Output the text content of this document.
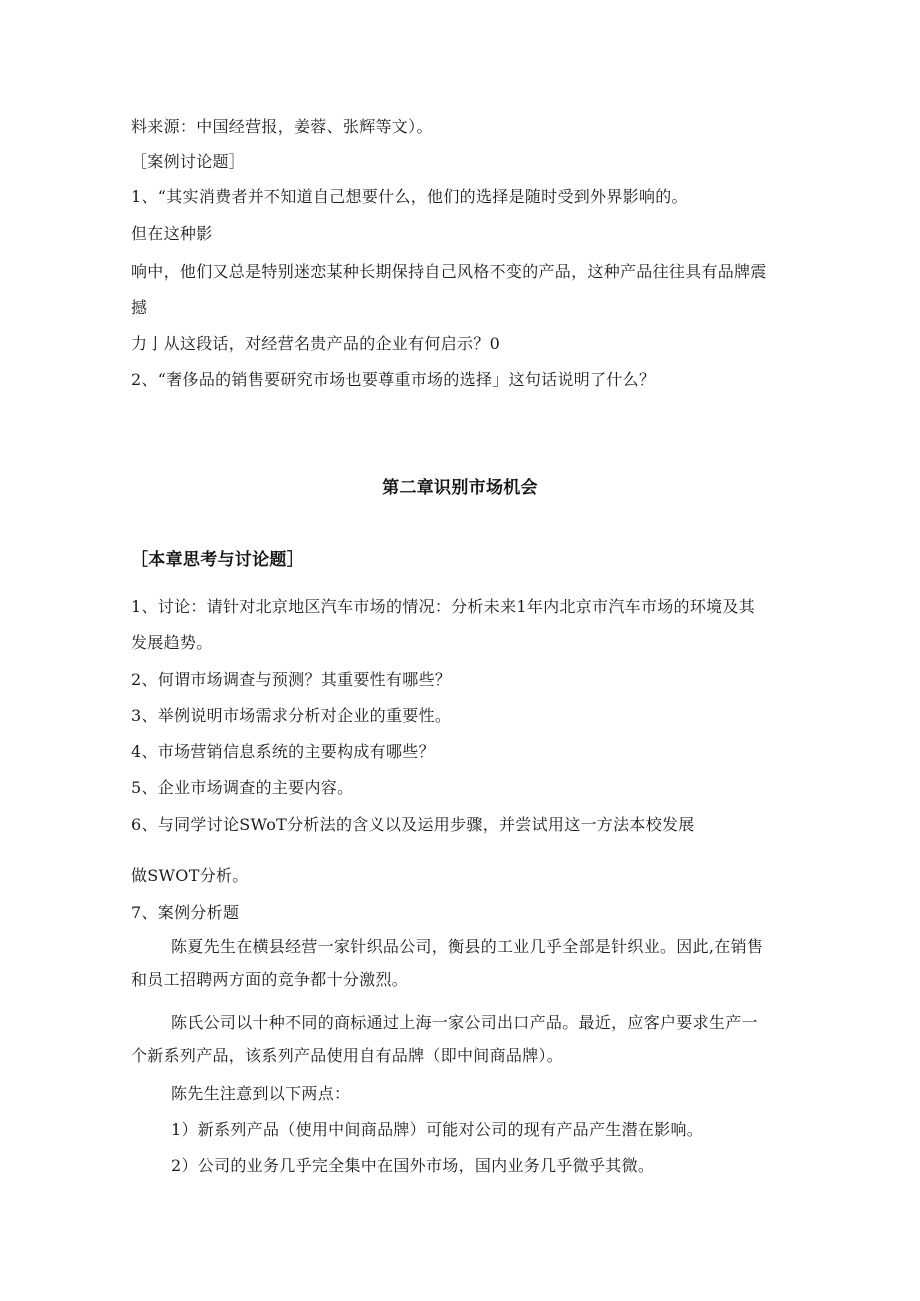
料来源：中国经营报，姜蓉、张辉等文）。
［案例讨论题］
1、“其实消费者并不知道自己想要什么，他们的选择是随时受到外界影响的。
但在这种影
响中，他们又总是特别迷恋某种长期保持自己风格不变的产品，这种产品往往具有品牌震
撼
力亅从这段话，对经营名贵产品的企业有何启示？0
2、“奢侈品的销售要研究市场也要尊重市场的选择」这句话说明了什么？
第二章识别市场机会
［本章思考与讨论题］
1、讨论：请针对北京地区汽车市场的情况：分析未来1年内北京市汽车市场的环境及其
发展趋势。
2、何谓市场调查与预测？其重要性有哪些？
3、举例说明市场需求分析对企业的重要性。
4、市场营销信息系统的主要构成有哪些？
5、企业市场调查的主要内容。
6、与同学讨论SWoT分析法的含义以及运用步骤，并尝试用这一方法本校发展
做SWOT分析。
7、案例分析题
陈夏先生在横县经营一家针织品公司，衡县的工业几乎全部是针织业。因此,在销售
和员工招聘两方面的竞争都十分激烈。
陈氏公司以十种不同的商标通过上海一家公司出口产品。最近，应客户要求生产一
个新系列产品，该系列产品使用自有品牌（即中间商品牌）。
陈先生注意到以下两点：
1）新系列产品（使用中间商品牌）可能对公司的现有产品产生潜在影响。
2）公司的业务几乎完全集中在国外市场，国内业务几乎微乎其微。
